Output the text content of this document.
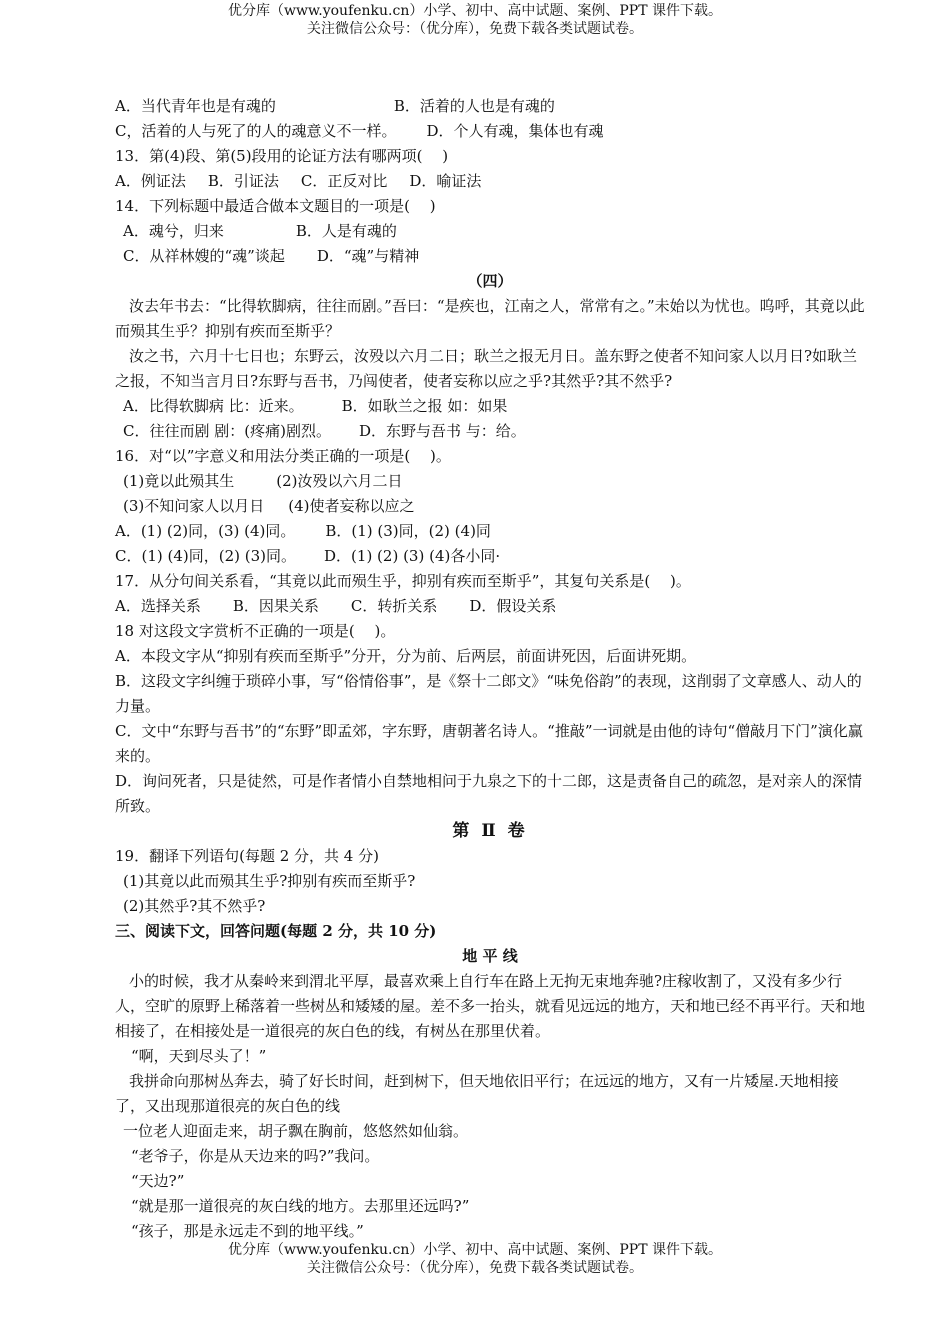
优分库（www.youfenku.cn）小学、初中、高中试题、案例、PPT 课件下载。
关注微信公众号：（优分库），免费下载各类试题试卷。
A．当代青年也是有魂的	B．活着的人也是有魂的
C，活着的人与死了的人的魂意义不一样。 D．个人有魂，集体也有魂
13．第(4)段、第(5)段用的论证方法有哪两项(　 )
A．例证法 B．引证法 C．正反对比 D．喻证法
14．下列标题中最适合做本文题目的一项是(　 )
A．魂兮，归来	B．人是有魂的
C．从祥林嫂的“魂”谈起 D．“魂”与精神
（四）
汝去年书去：“比得软脚病，往往而剧。”吾曰：“是疾也，江南之人，常常有之。”未始以为忧也。呜呼，其竟以此而殒其生乎？抑别有疾而至斯乎？
汝之书，六月十七日也；东野云，汝殁以六月二日；耿兰之报无月日。盖东野之使者不知问家人以月日?如耿兰之报，不知当言月日?东野与吾书，乃闯使者，使者妄称以应之乎?其然乎?其不然乎?
A．比得软脚病 比：近来。	B．如耿兰之报 如：如果
C．往往而剧 剧：(疼痛)剧烈。 D．东野与吾书 与：给。
16．对“以”字意义和用法分类正确的一项是(　 )。
(1)竟以此殒其生	(2)汝殁以六月二日
(3)不知问家人以月日 (4)使者妄称以应之
A．(1) (2)同，(3) (4)同。 B．(1) (3)同，(2) (4)同
C．(1) (4)同，(2) (3)同。 D．(1) (2) (3) (4)各小同·
17．从分句间关系看，“其竟以此而殒生乎，抑别有疾而至斯乎”，其复句关系是(　 )。
A．选择关系 B．因果关系 C．转折关系 D．假设关系
18 对这段文字赏析不正确的一项是(　 )。
A．本段文字从“抑别有疾而至斯乎”分开，分为前、后两层，前面讲死因，后面讲死期。
B．这段文字纠缠于琐碎小事，写“俗情俗事”，是《祭十二郎文》“味免俗韵”的表现，这削弱了文章感人、动人的力量。
C．文中“东野与吾书”的“东野”即孟郊，字东野，唐朝著名诗人。“推敲”一词就是由他的诗句“僧敲月下门”演化赢来的。
D．询问死者，只是徒然，可是作者情小自禁地相问于九泉之下的十二郎，这是责备自己的疏忽，是对亲人的深情所致。
第 Ⅱ 卷
19．翻译下列语句(每题 2 分，共 4 分)
(1)其竟以此而殒其生乎?抑别有疾而至斯乎?
(2)其然乎?其不然乎?
三、阅读下文，回答问题(每题 2 分，共 10 分)
地 平 线
小的时候，我才从秦岭来到渭北平厚，最喜欢乘上自行车在路上无拘无束地奔驰?庄稼收割了，又没有多少行人，空旷的原野上稀落着一些树丛和矮矮的屋。差不多一抬头，就看见远远的地方，天和地已经不再平行。天和地相接了，在相接处是一道很亮的灰白色的线，有树丛在那里伏着。
“啊，天到尽头了！”
我拼命向那树丛奔去，骑了好长时间，赶到树下，但天地依旧平行；在远远的地方，又有一片矮屋.天地相接了，又出现那道很亮的灰白色的线
一位老人迎面走来，胡子飘在胸前，悠悠然如仙翁。
“老爷子，你是从天边来的吗?”我问。
“天边?”
“就是那一道很亮的灰白线的地方。去那里还远吗?”
“孩子，那是永远走不到的地平线。”
优分库（www.youfenku.cn）小学、初中、高中试题、案例、PPT 课件下载。
关注微信公众号：（优分库），免费下载各类试题试卷。
